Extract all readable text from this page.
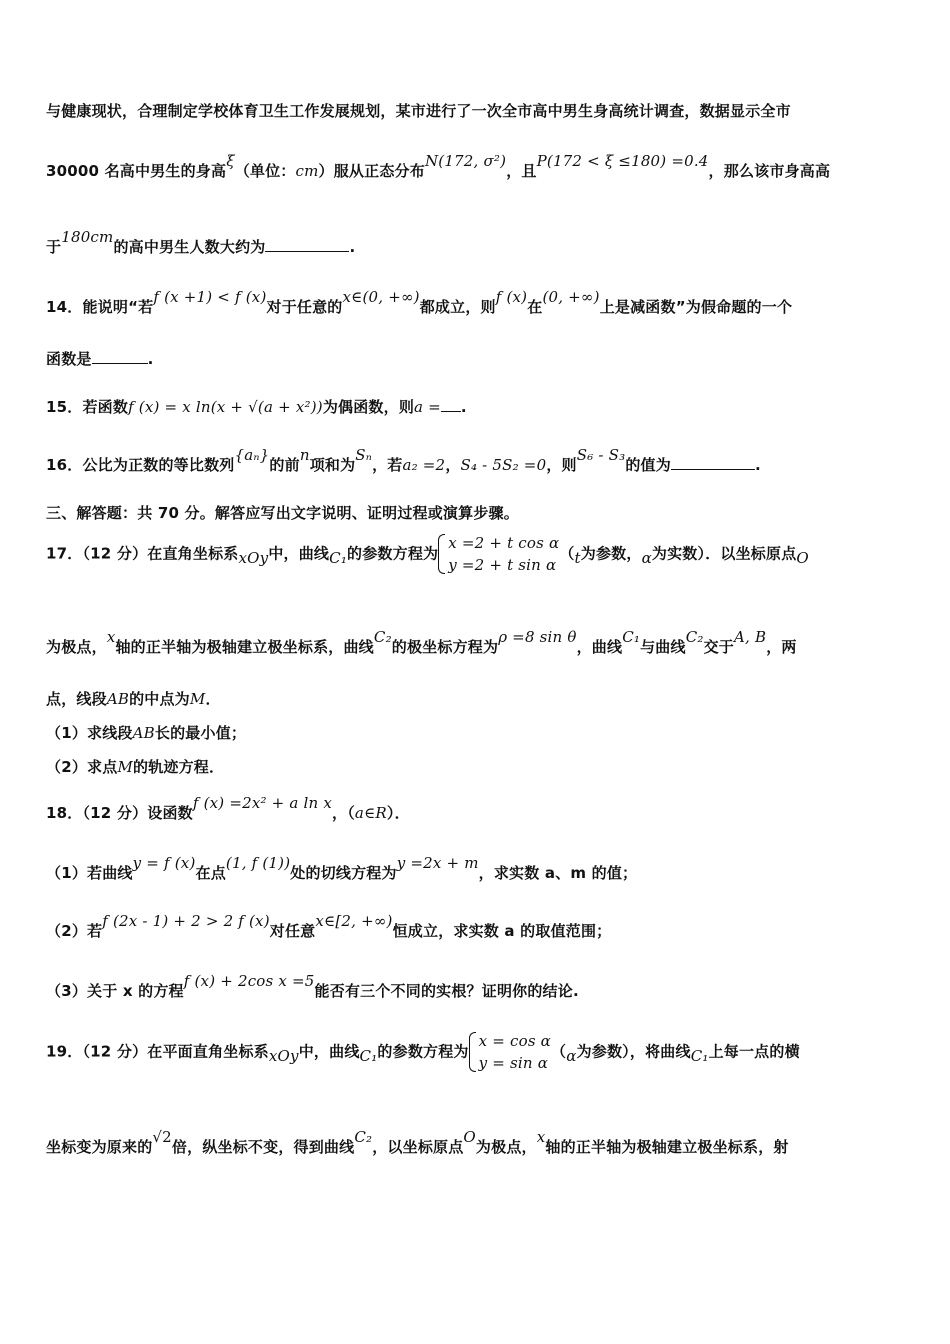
与健康现状，合理制定学校体育卫生工作发展规划，某市进行了一次全市高中男生身高统计调查，数据显示全市
30000 名高中男生的身高ξ（单位：cm）服从正态分布N(172, σ²)，且P(172 < ξ ≤180) =0.4，那么该市身高高
于180cm的高中男生人数大约为	.
14．能说明“若f (x +1) < f (x)对于任意的x∈(0, +∞)都成立，则f (x)在(0, +∞)上是减函数”为假命题的一个
函数是	.
15．若函数f (x) = x ln(x + √(a + x²))为偶函数，则a = .
16．公比为正数的等比数列{aₙ}的前n项和为Sₙ，若a₂ =2，S₄ - 5S₂ =0，则S₆ - S₃的值为	.
三、解答题：共 70 分。解答应写出文字说明、证明过程或演算步骤。
17．（12 分）在直角坐标系xOy中，曲线C₁的参数方程为
x =2 + t cos α
y =2 + t sin α
（t为参数，α为实数）．以坐标原点O
为极点，x轴的正半轴为极轴建立极坐标系，曲线C₂的极坐标方程为ρ =8 sin θ，曲线C₁与曲线C₂交于A, B，两
点，线段AB的中点为M．
（1）求线段AB长的最小值；
（2）求点M的轨迹方程．
18．（12 分）设函数f (x) =2x² + a ln x，（a∈R）．
（1）若曲线y = f (x)在点(1, f (1))处的切线方程为y =2x + m，求实数 a、m 的值；
（2）若f (2x - 1) + 2 > 2 f (x)对任意x∈[2, +∞)恒成立，求实数 a 的取值范围；
（3）关于 x 的方程f (x) + 2cos x =5能否有三个不同的实根？证明你的结论.
19．（12 分）在平面直角坐标系xOy中，曲线C₁的参数方程为
x = cos α
y = sin α
（α为参数），将曲线C₁上每一点的横
坐标变为原来的√2倍，纵坐标不变，得到曲线C₂，以坐标原点O为极点，x轴的正半轴为极轴建立极坐标系，射
